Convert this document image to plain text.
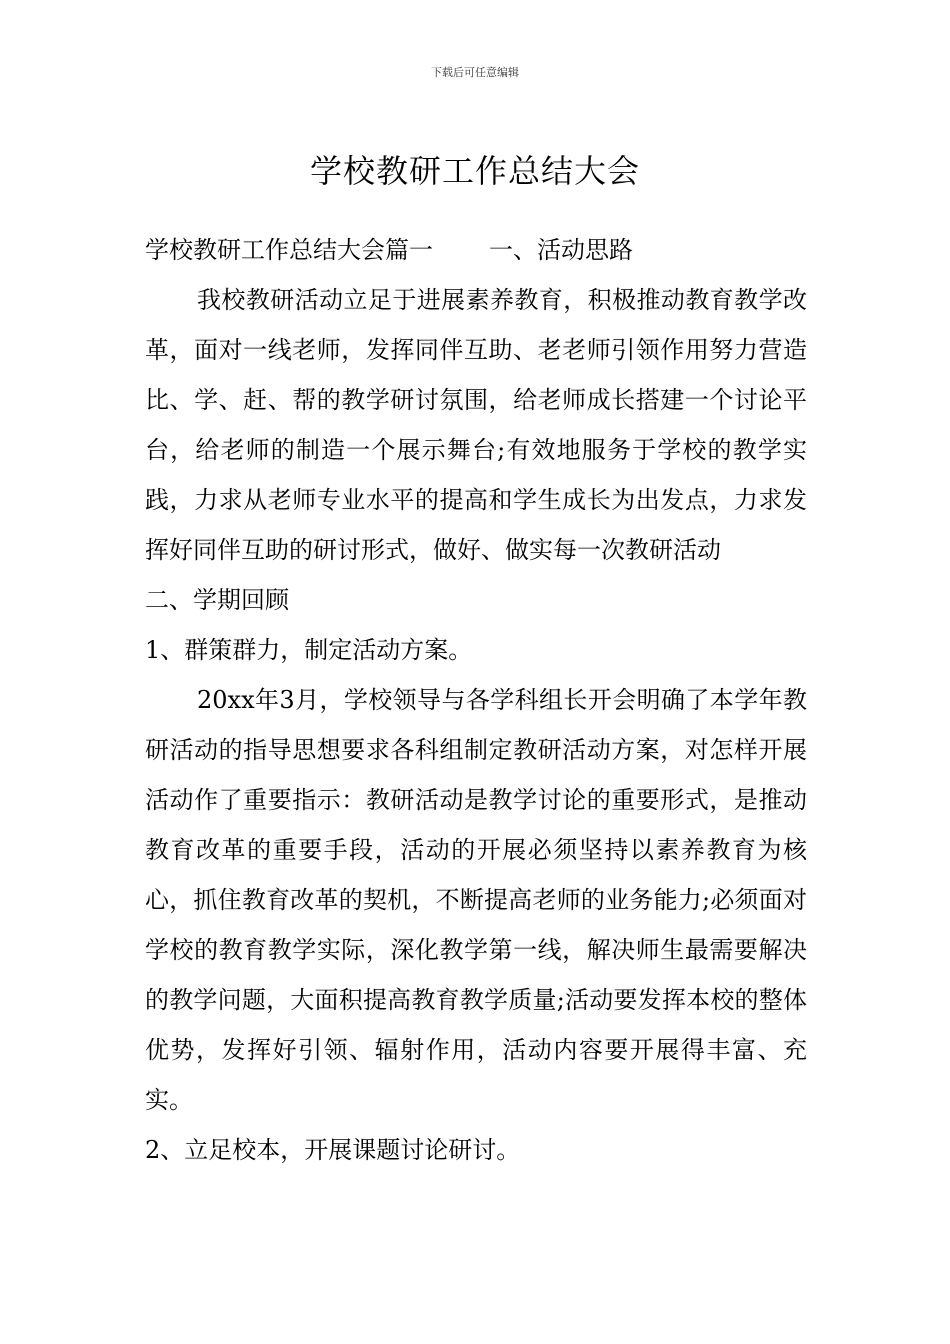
下载后可任意编辑
学校教研工作总结大会

学校教研工作总结大会篇一 一、活动思路

我校教研活动立足于进展素养教育，积极推动教育教学改革，面对一线老师，发挥同伴互助、老老师引领作用努力营造比、学、赶、帮的教学研讨氛围，给老师成长搭建一个讨论平台，给老师的制造一个展示舞台;有效地服务于学校的教学实践，力求从老师专业水平的提高和学生成长为出发点，力求发挥好同伴互助的研讨形式，做好、做实每一次教研活动

二、学期回顾

1、群策群力，制定活动方案。

20xx年3月，学校领导与各学科组长开会明确了本学年教研活动的指导思想要求各科组制定教研活动方案，对怎样开展活动作了重要指示：教研活动是教学讨论的重要形式，是推动教育改革的重要手段，活动的开展必须坚持以素养教育为核心，抓住教育改革的契机，不断提高老师的业务能力;必须面对学校的教育教学实际，深化教学第一线，解决师生最需要解决的教学问题，大面积提高教育教学质量;活动要发挥本校的整体优势，发挥好引领、辐射作用，活动内容要开展得丰富、充实。

2、立足校本，开展课题讨论研讨。
